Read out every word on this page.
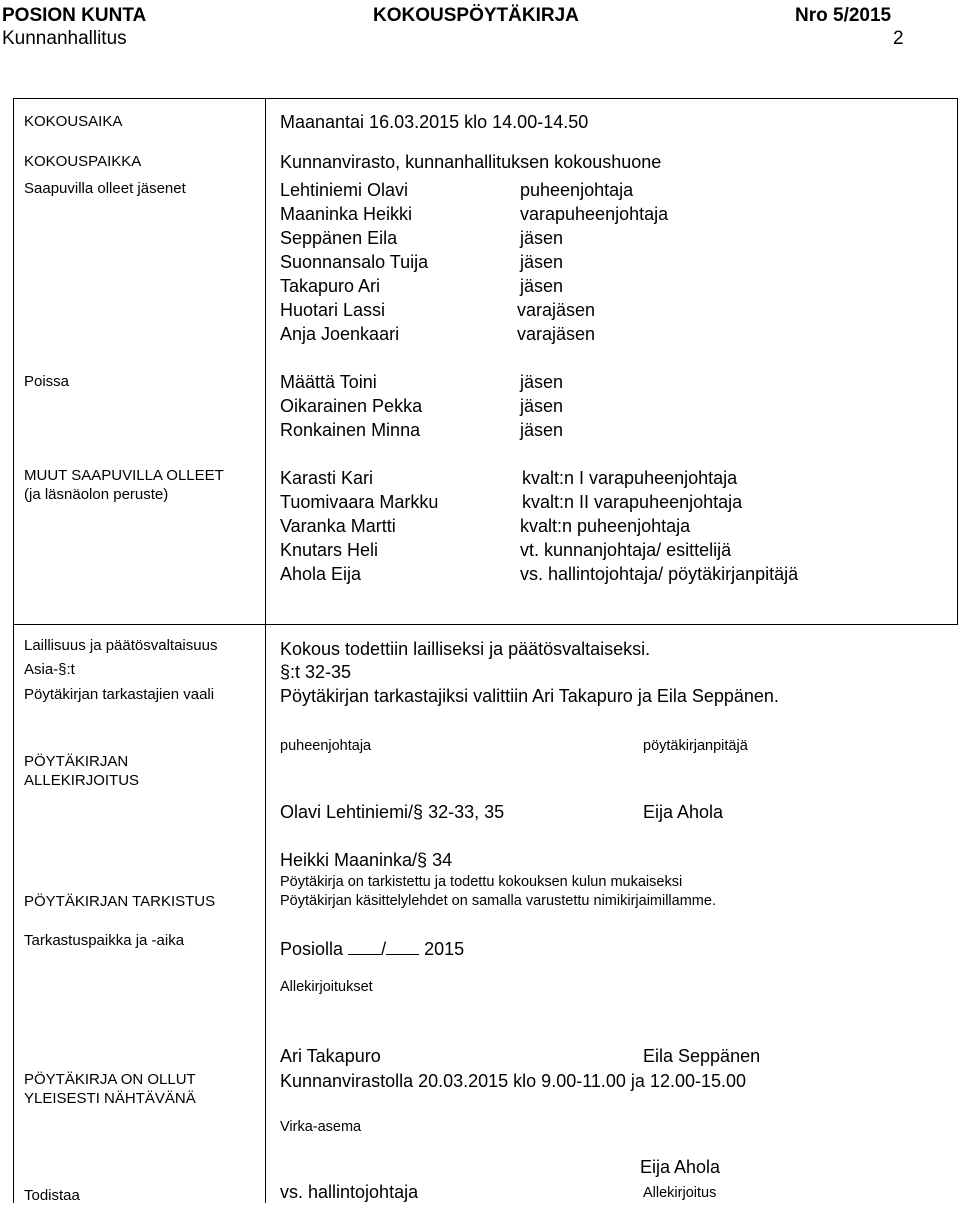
POSION KUNTA	KOKOUSPÖYTÄKIRJA	Nro 5/2015
Kunnanhallitus	2
KOKOUSAIKA	Maanantai 16.03.2015 klo 14.00-14.50
KOKOUSPAIKKA	Kunnanvirasto, kunnanhallituksen kokoushuone
Saapuvilla olleet jäsenet	Lehtiniemi Olavi	puheenjohtaja
Maaninka Heikki	varapuheenjohtaja
Seppänen Eila	jäsen
Suonnansalo Tuija	jäsen
Takapuro Ari	jäsen
Huotari Lassi	varajäsen
Anja Joenkaari	varajäsen
Poissa	Määttä Toini	jäsen
Oikarainen Pekka	jäsen
Ronkainen Minna	jäsen
MUUT SAAPUVILLA OLLEET
(ja läsnäolon peruste)
Karasti Kari	kvalt:n I varapuheenjohtaja
Tuomivaara Markku	kvalt:n II varapuheenjohtaja
Varanka Martti	kvalt:n puheenjohtaja
Knutars Heli	vt. kunnanjohtaja/ esittelijä
Ahola Eija	vs. hallintojohtaja/ pöytäkirjanpitäjä
Laillisuus ja päätösvaltaisuus	Kokous todettiin lailliseksi ja päätösvaltaiseksi.
Asia-§:t	§:t 32-35
Pöytäkirjan tarkastajien vaali	Pöytäkirjan tarkastajiksi valittiin Ari Takapuro ja Eila Seppänen.
PÖYTÄKIRJAN
ALLEKIRJOITUS
puheenjohtaja	pöytäkirjanpitäjä
Olavi Lehtiniemi/§ 32-33, 35	Eija Ahola
Heikki Maaninka/§ 34
PÖYTÄKIRJAN TARKISTUS
Pöytäkirja on tarkistettu ja todettu kokouksen kulun mukaiseksi
Pöytäkirjan käsittelylehdet on samalla varustettu nimikirjaimillamme.
Tarkastuspaikka ja -aika	Posiolla / 2015
Allekirjoitukset
Ari Takapuro	Eila Seppänen
PÖYTÄKIRJA ON OLLUT
YLEISESTI NÄHTÄVÄNÄ
Kunnanvirastolla 20.03.2015 klo 9.00-11.00 ja 12.00-15.00
Virka-asema
Todistaa
Eija Ahola
vs. hallintojohtaja	Allekirjoitus
